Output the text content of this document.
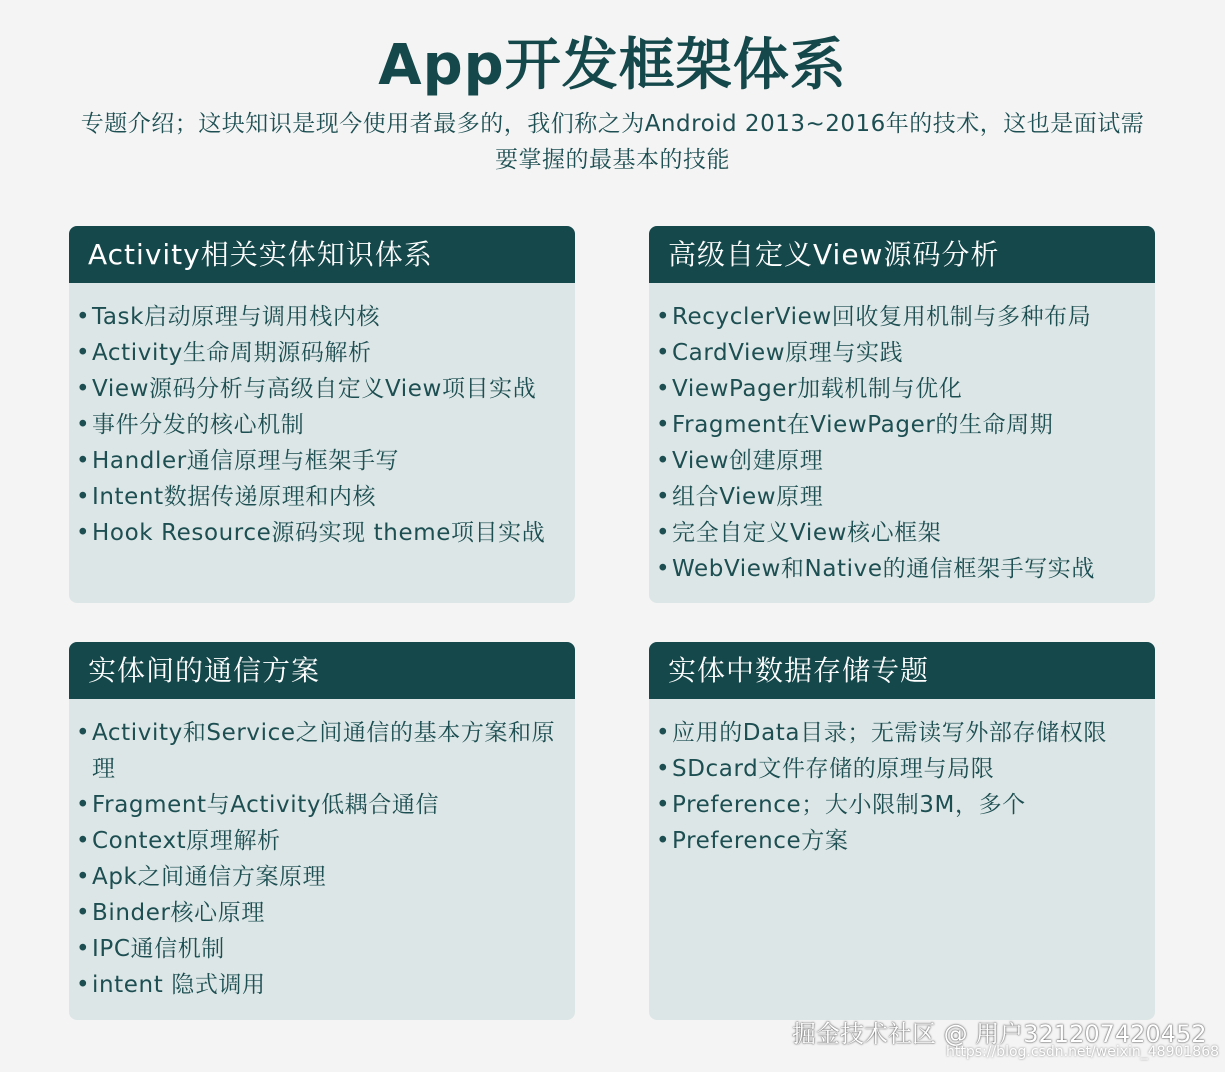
App开发框架体系
专题介绍；这块知识是现今使用者最多的，我们称之为Android 2013~2016年的技术，这也是面试需要掌握的最基本的技能
Activity相关实体知识体系
• Task启动原理与调用栈内核
• Activity生命周期源码解析
• View源码分析与高级自定义View项目实战
• 事件分发的核心机制
• Handler通信原理与框架手写
• Intent数据传递原理和内核
• Hook Resource源码实现 theme项目实战
高级自定义View源码分析
• RecyclerView回收复用机制与多种布局
• CardView原理与实践
• ViewPager加载机制与优化
• Fragment在ViewPager的生命周期
• View创建原理
• 组合View原理
• 完全自定义View核心框架
• WebView和Native的通信框架手写实战
实体间的通信方案
• Activity和Service之间通信的基本方案和原理
• Fragment与Activity低耦合通信
• Context原理解析
• Apk之间通信方案原理
• Binder核心原理
• IPC通信机制
• intent 隐式调用
实体中数据存储专题
• 应用的Data目录；无需读写外部存储权限
• SDcard文件存储的原理与局限
• Preference；大小限制3M，多个
• Preference方案
掘金技术社区 @ 用户321207420452
https://blog.csdn.net/weixin_48901868
